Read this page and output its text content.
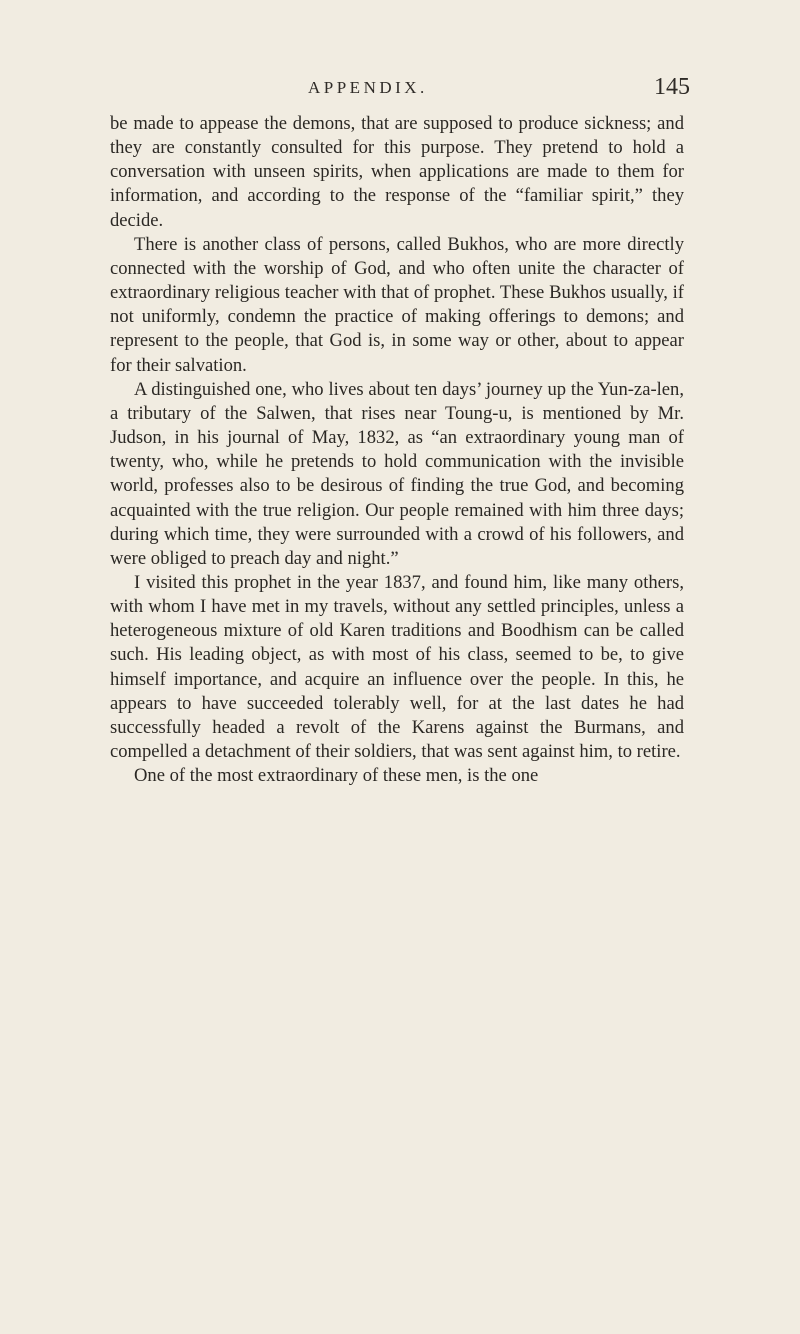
APPENDIX.	145

be made to appease the demons, that are supposed to produce sickness; and they are constantly consulted for this purpose. They pretend to hold a conversation with unseen spirits, when applications are made to them for information, and according to the response of the “familiar spirit,” they decide.

There is another class of persons, called Bukhos, who are more directly connected with the worship of God, and who often unite the character of extraordinary religious teacher with that of prophet. These Bukhos usually, if not uniformly, condemn the practice of making offerings to demons; and represent to the people, that God is, in some way or other, about to appear for their salvation.

A distinguished one, who lives about ten days’ journey up the Yun-za-len, a tributary of the Salwen, that rises near Toung-u, is mentioned by Mr. Judson, in his journal of May, 1832, as “an extraordinary young man of twenty, who, while he pretends to hold communication with the invisible world, professes also to be desirous of finding the true God, and becoming acquainted with the true religion. Our people remained with him three days; during which time, they were surrounded with a crowd of his followers, and were obliged to preach day and night.”

I visited this prophet in the year 1837, and found him, like many others, with whom I have met in my travels, without any settled principles, unless a heterogeneous mixture of old Karen traditions and Boodhism can be called such. His leading object, as with most of his class, seemed to be, to give himself importance, and acquire an influence over the people. In this, he appears to have succeeded tolerably well, for at the last dates he had successfully headed a revolt of the Karens against the Burmans, and compelled a detachment of their soldiers, that was sent against him, to retire.

One of the most extraordinary of these men, is the one
